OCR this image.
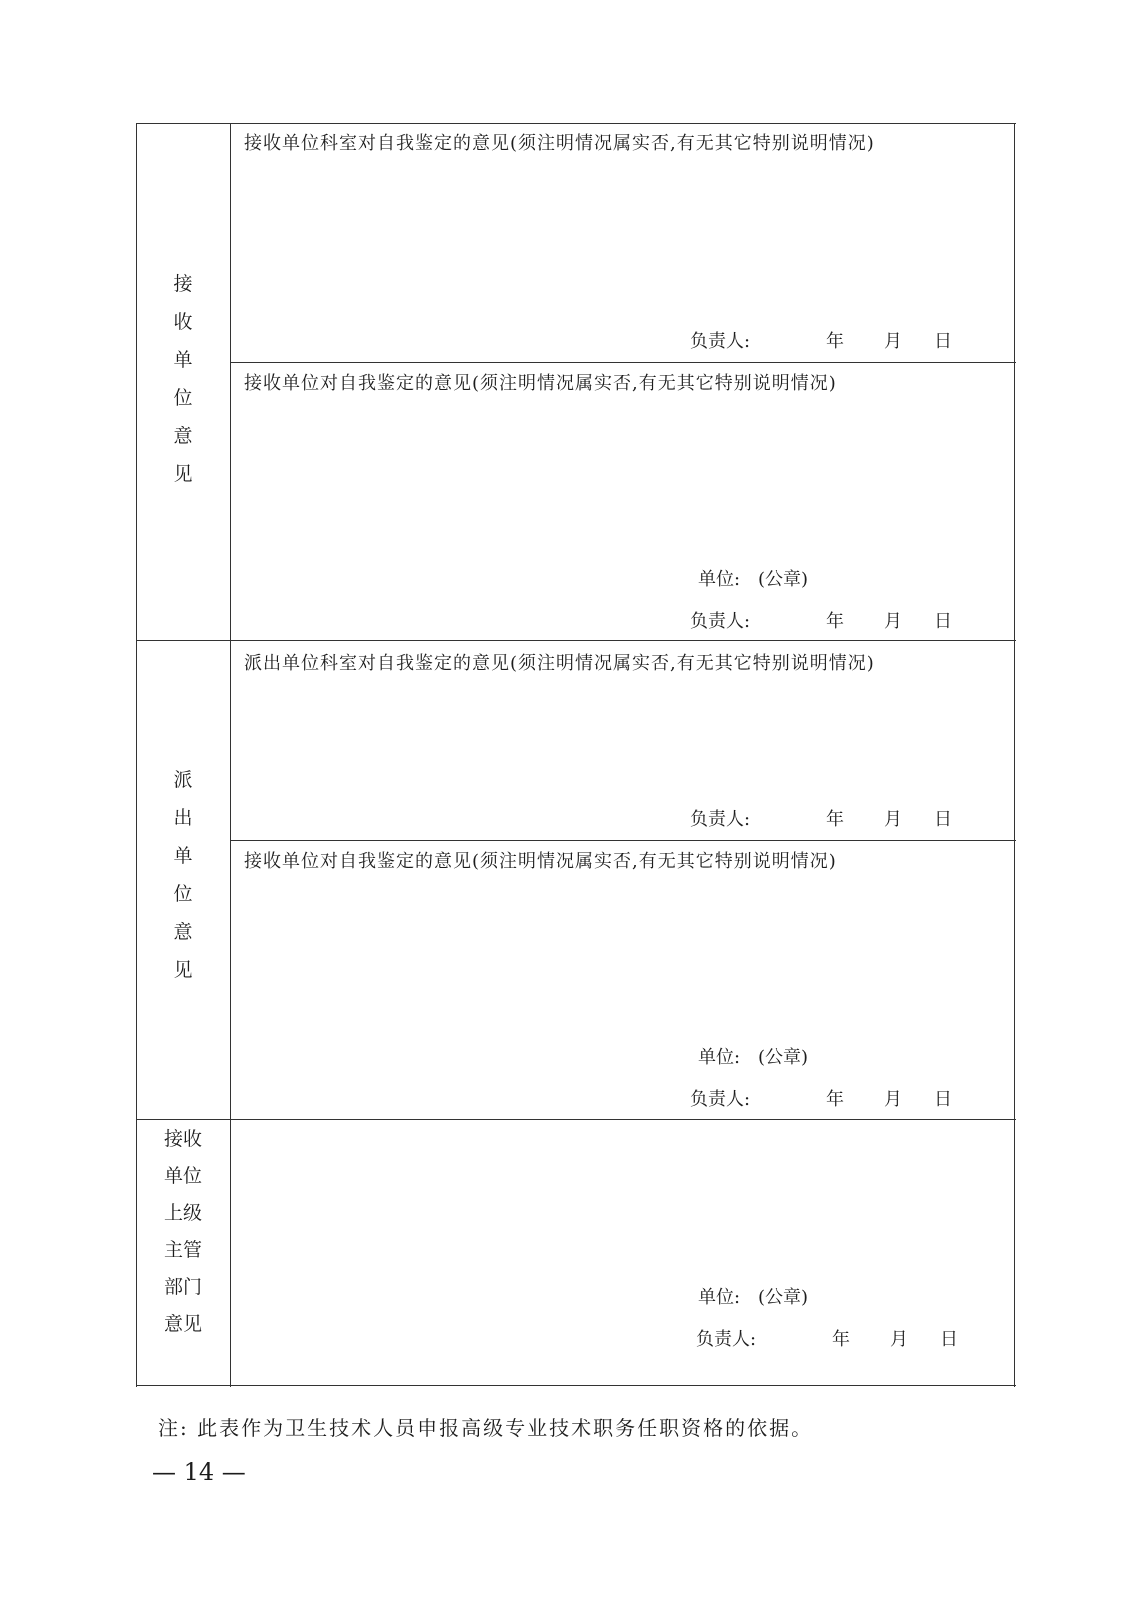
接
收
单
位
意
见
接收单位科室对自我鉴定的意见(须注明情况属实否,有无其它特别说明情况)
负责人:	年 月 日
接收单位对自我鉴定的意见(须注明情况属实否,有无其它特别说明情况)
单位: (公章)
负责人:	年 月 日
派
出
单
位
意
见
派出单位科室对自我鉴定的意见(须注明情况属实否,有无其它特别说明情况)
负责人:	年 月 日
接收单位对自我鉴定的意见(须注明情况属实否,有无其它特别说明情况)
单位: (公章)
负责人:	年 月 日
接收
单位
上级
主管
部门
意见
单位: (公章)
负责人:	年 月 日
注: 此表作为卫生技术人员申报高级专业技术职务任职资格的依据。
— 14 —
